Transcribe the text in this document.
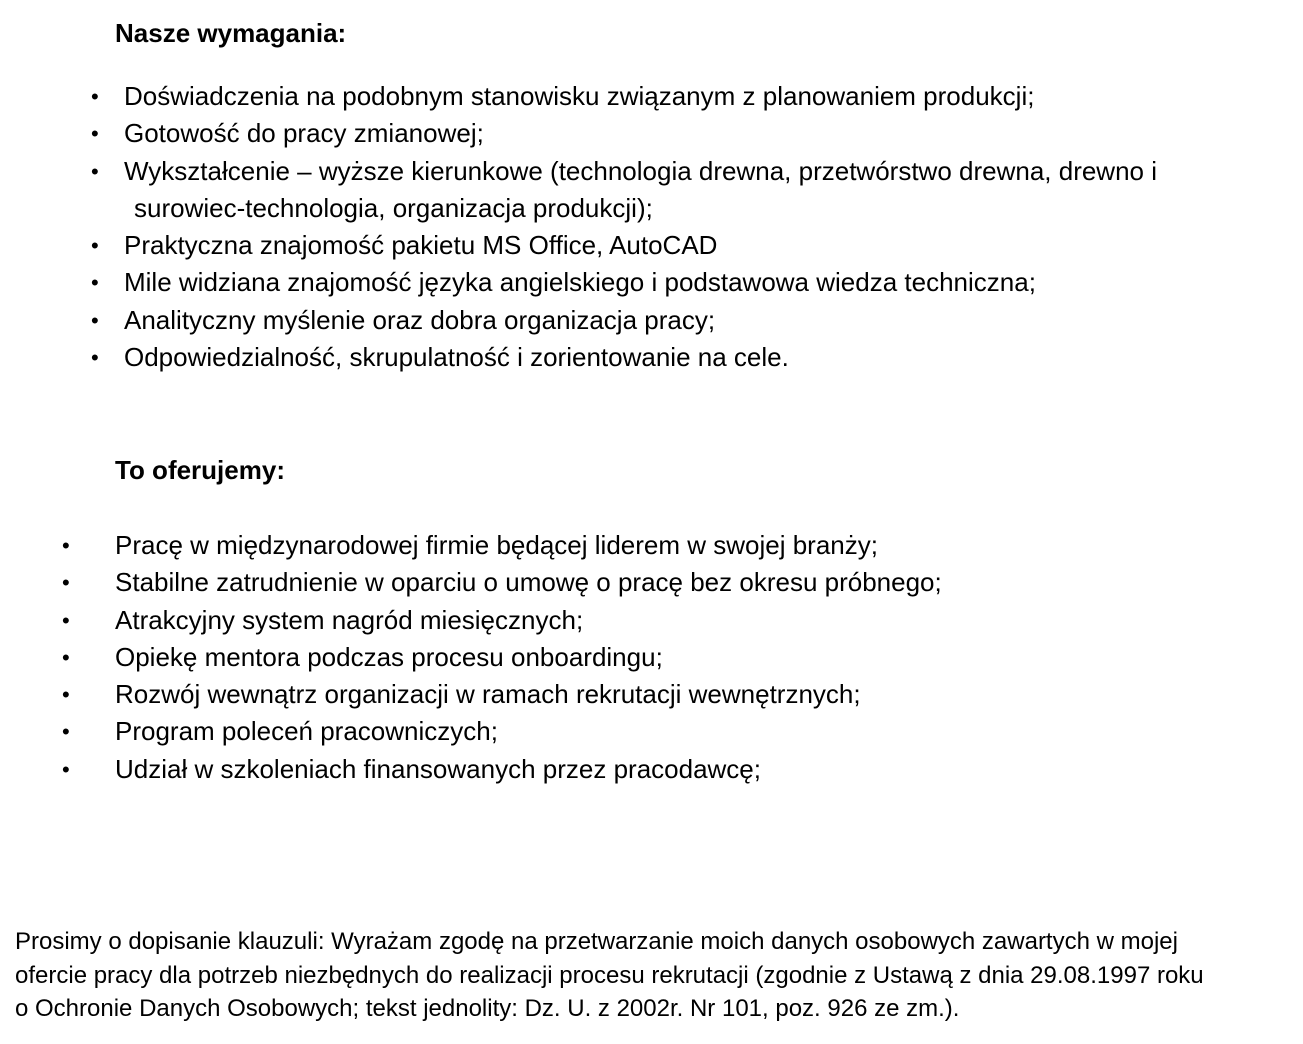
Nasze wymagania:
• Doświadczenia na podobnym stanowisku związanym z planowaniem produkcji;
• Gotowość do pracy zmianowej;
• Wykształcenie – wyższe kierunkowe (technologia drewna, przetwórstwo drewna, drewno i
surowiec-technologia, organizacja produkcji);
• Praktyczna znajomość pakietu MS Office, AutoCAD
• Mile widziana znajomość języka angielskiego i podstawowa wiedza techniczna;
• Analityczny myślenie oraz dobra organizacja pracy;
• Odpowiedzialność, skrupulatność i zorientowanie na cele.
To oferujemy:
• Pracę w międzynarodowej firmie będącej liderem w swojej branży;
• Stabilne zatrudnienie w oparciu o umowę o pracę bez okresu próbnego;
• Atrakcyjny system nagród miesięcznych;
• Opiekę mentora podczas procesu onboardingu;
• Rozwój wewnątrz organizacji w ramach rekrutacji wewnętrznych;
• Program poleceń pracowniczych;
• Udział w szkoleniach finansowanych przez pracodawcę;

Prosimy o dopisanie klauzuli: Wyrażam zgodę na przetwarzanie moich danych osobowych zawartych w mojej
ofercie pracy dla potrzeb niezbędnych do realizacji procesu rekrutacji (zgodnie z Ustawą z dnia 29.08.1997 roku
o Ochronie Danych Osobowych; tekst jednolity: Dz. U. z 2002r. Nr 101, poz. 926 ze zm.).
